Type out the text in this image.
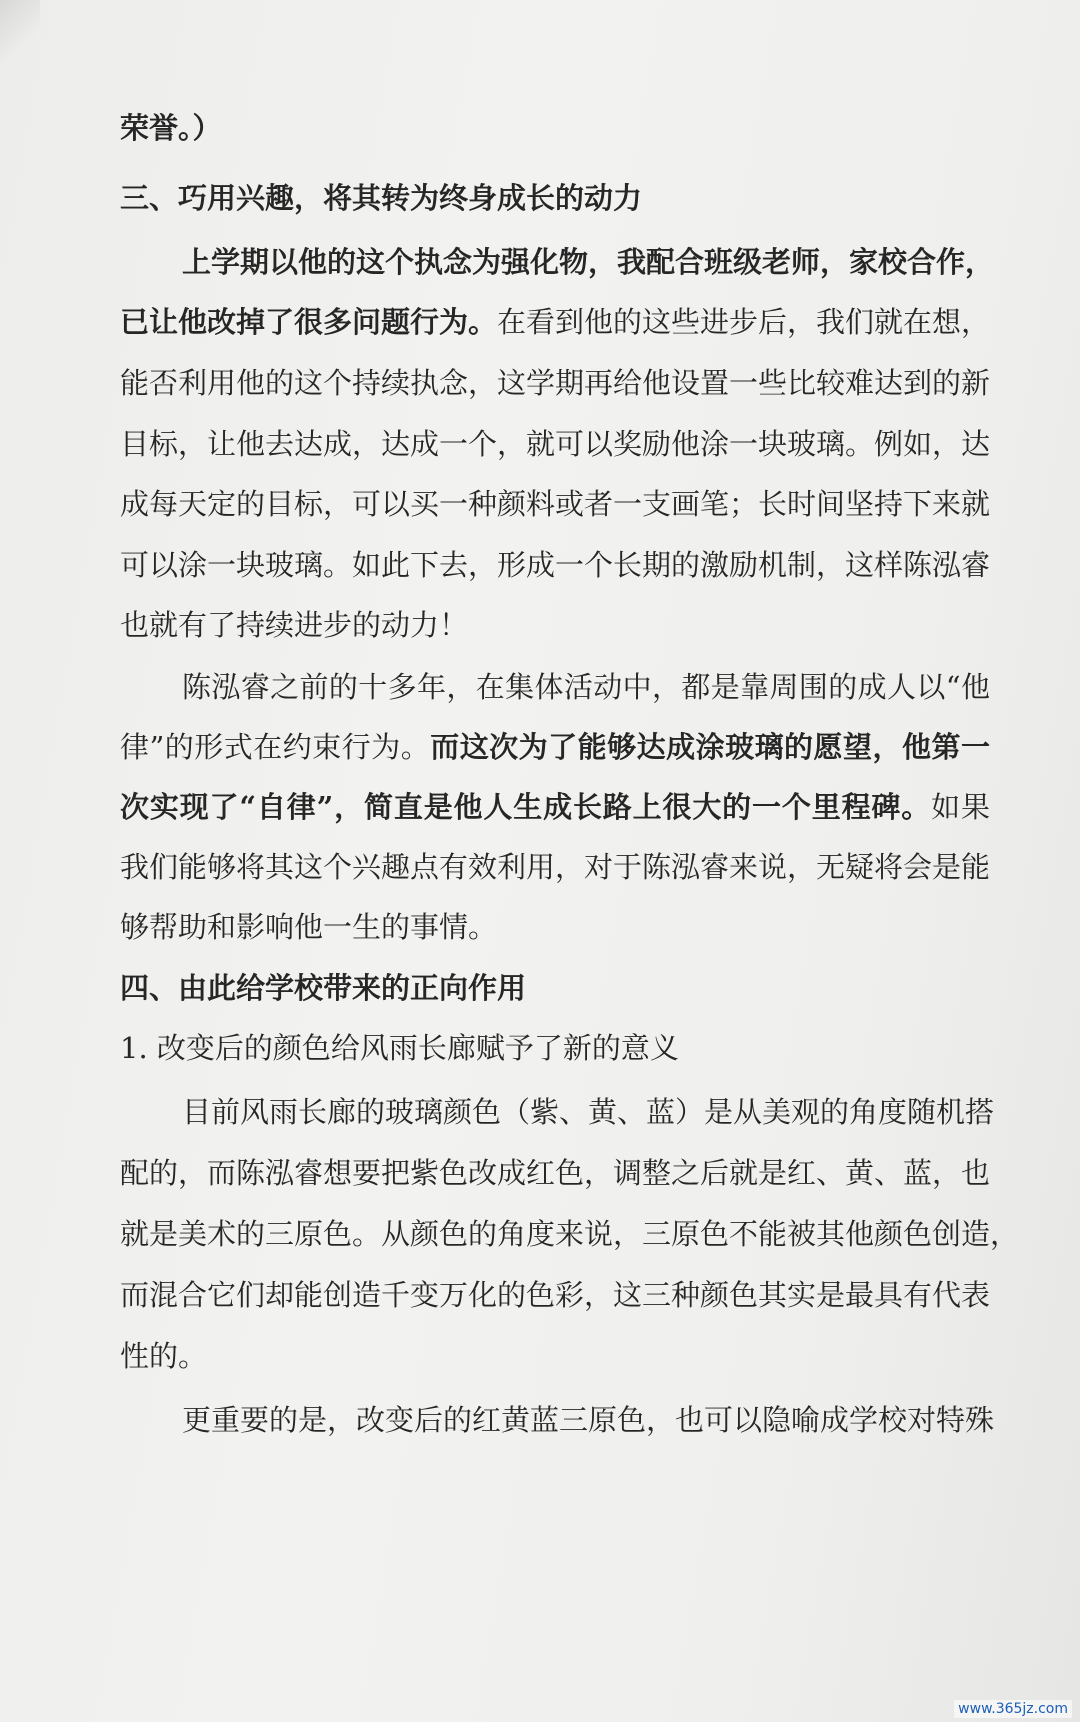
荣誉。）
三、巧用兴趣，将其转为终身成长的动力
上学期以他的这个执念为强化物，我配合班级老师，家校合作，
已让他改掉了很多问题行为。在看到他的这些进步后，我们就在想，
能否利用他的这个持续执念，这学期再给他设置一些比较难达到的新
目标，让他去达成，达成一个，就可以奖励他涂一块玻璃。例如，达
成每天定的目标，可以买一种颜料或者一支画笔；长时间坚持下来就
可以涂一块玻璃。如此下去，形成一个长期的激励机制，这样陈泓睿
也就有了持续进步的动力！
陈泓睿之前的十多年，在集体活动中，都是靠周围的成人以“他
律”的形式在约束行为。而这次为了能够达成涂玻璃的愿望，他第一
次实现了“自律”，简直是他人生成长路上很大的一个里程碑。如果
我们能够将其这个兴趣点有效利用，对于陈泓睿来说，无疑将会是能
够帮助和影响他一生的事情。
四、由此给学校带来的正向作用
1. 改变后的颜色给风雨长廊赋予了新的意义
目前风雨长廊的玻璃颜色（紫、黄、蓝）是从美观的角度随机搭
配的，而陈泓睿想要把紫色改成红色，调整之后就是红、黄、蓝，也
就是美术的三原色。从颜色的角度来说，三原色不能被其他颜色创造，
而混合它们却能创造千变万化的色彩，这三种颜色其实是最具有代表
性的。
更重要的是，改变后的红黄蓝三原色，也可以隐喻成学校对特殊
www.365jz.com
